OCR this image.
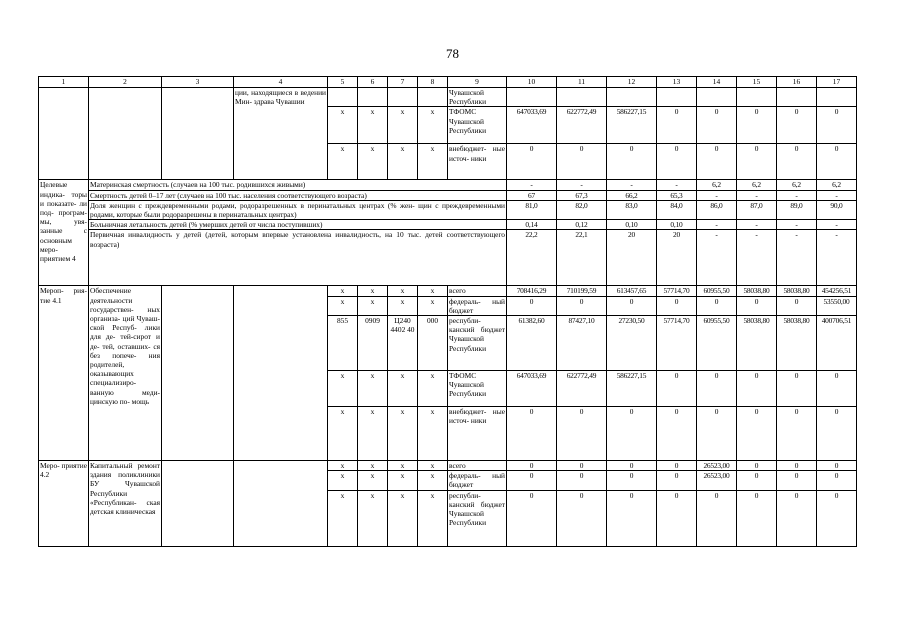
78
1	2	3	4	5	6	7	8	9	10	11	12	13	14	15	16	17
			ции, находящиеся в ведении Мин- здрава Чувашии					Чувашской Республики								
				x	x	x	x	ТФОМС Чувашской Республики	647033,69	622772,49	586227,15	0	0	0	0	0
				x	x	x	x	внебюджет- ные источ- ники	0	0	0	0	0	0	0	0
Целевые индика- торы и показате- ли под- програм- мы, увя- занные с основным меро- приятием 4	Материнская смертность (случаев на 100 тыс. родившихся живыми)								-	-	-	-	6,2	6,2	6,2	6,2
	Смертность детей 0–17 лет (случаев на 100 тыс. населения соответствующего возраста)								67	67,3	66,2	65,3	-	-	-	-
	Доля женщин с преждевременными родами, родоразрешенных в перинатальных центрах (% жен- щин с преждевременными родами, которые были родоразрешены в перинатальных центрах)								81,0	82,0	83,0	84,0	86,0	87,0	89,0	90,0
	Больничная летальность детей (% умерших детей от числа поступивших)								0,14	0,12	0,10	0,10	-	-	-	-
	Первичная инвалидность у детей (детей, которым впервые установлена инвалидность, на 10 тыс. детей соответствующего возраста)								22,2	22,1	20	20	-	-	-	-
Мероп- рия- тие 4.1	Обеспечение деятельности государствен- ных организа- ций Чуваш- ской Респуб- лики для де- тей-сирот и де- тей, оставших- ся без попече- ния родителей, оказывающих специализиро- ванную меди- цинскую по- мощь			x	x	x	x	всего	708416,29	710199,59	613457,65	57714,70	60955,50	58038,80	58038,80	454256,51
				x	x	x	x	федераль- ный бюджет	0	0	0	0	0	0	0	53550,00
				855	0909	Ц240 4402 40	000	республи- канский бюджет Чувашской Республики	61382,60	87427,10	27230,50	57714,70	60955,50	58038,80	58038,80	400706,51
				x	x	x	x	ТФОМС Чувашской Республики	647033,69	622772,49	586227,15	0	0	0	0	0
				x	x	x	x	внебюджет- ные источ- ники	0	0	0	0	0	0	0	0
Меро- приятие 4.2	Капитальный ремонт здания поликлиники БУ Чувашской Республики «Республикан- ская детская клиническая			x	x	x	x	всего	0	0	0	0	26523,00	0	0	0
				x	x	x	x	федераль- ный бюджет	0	0	0	0	26523,00	0	0	0
				x	x	x	x	республи- канский бюджет Чувашской Республики	0	0	0	0	0	0	0	0
